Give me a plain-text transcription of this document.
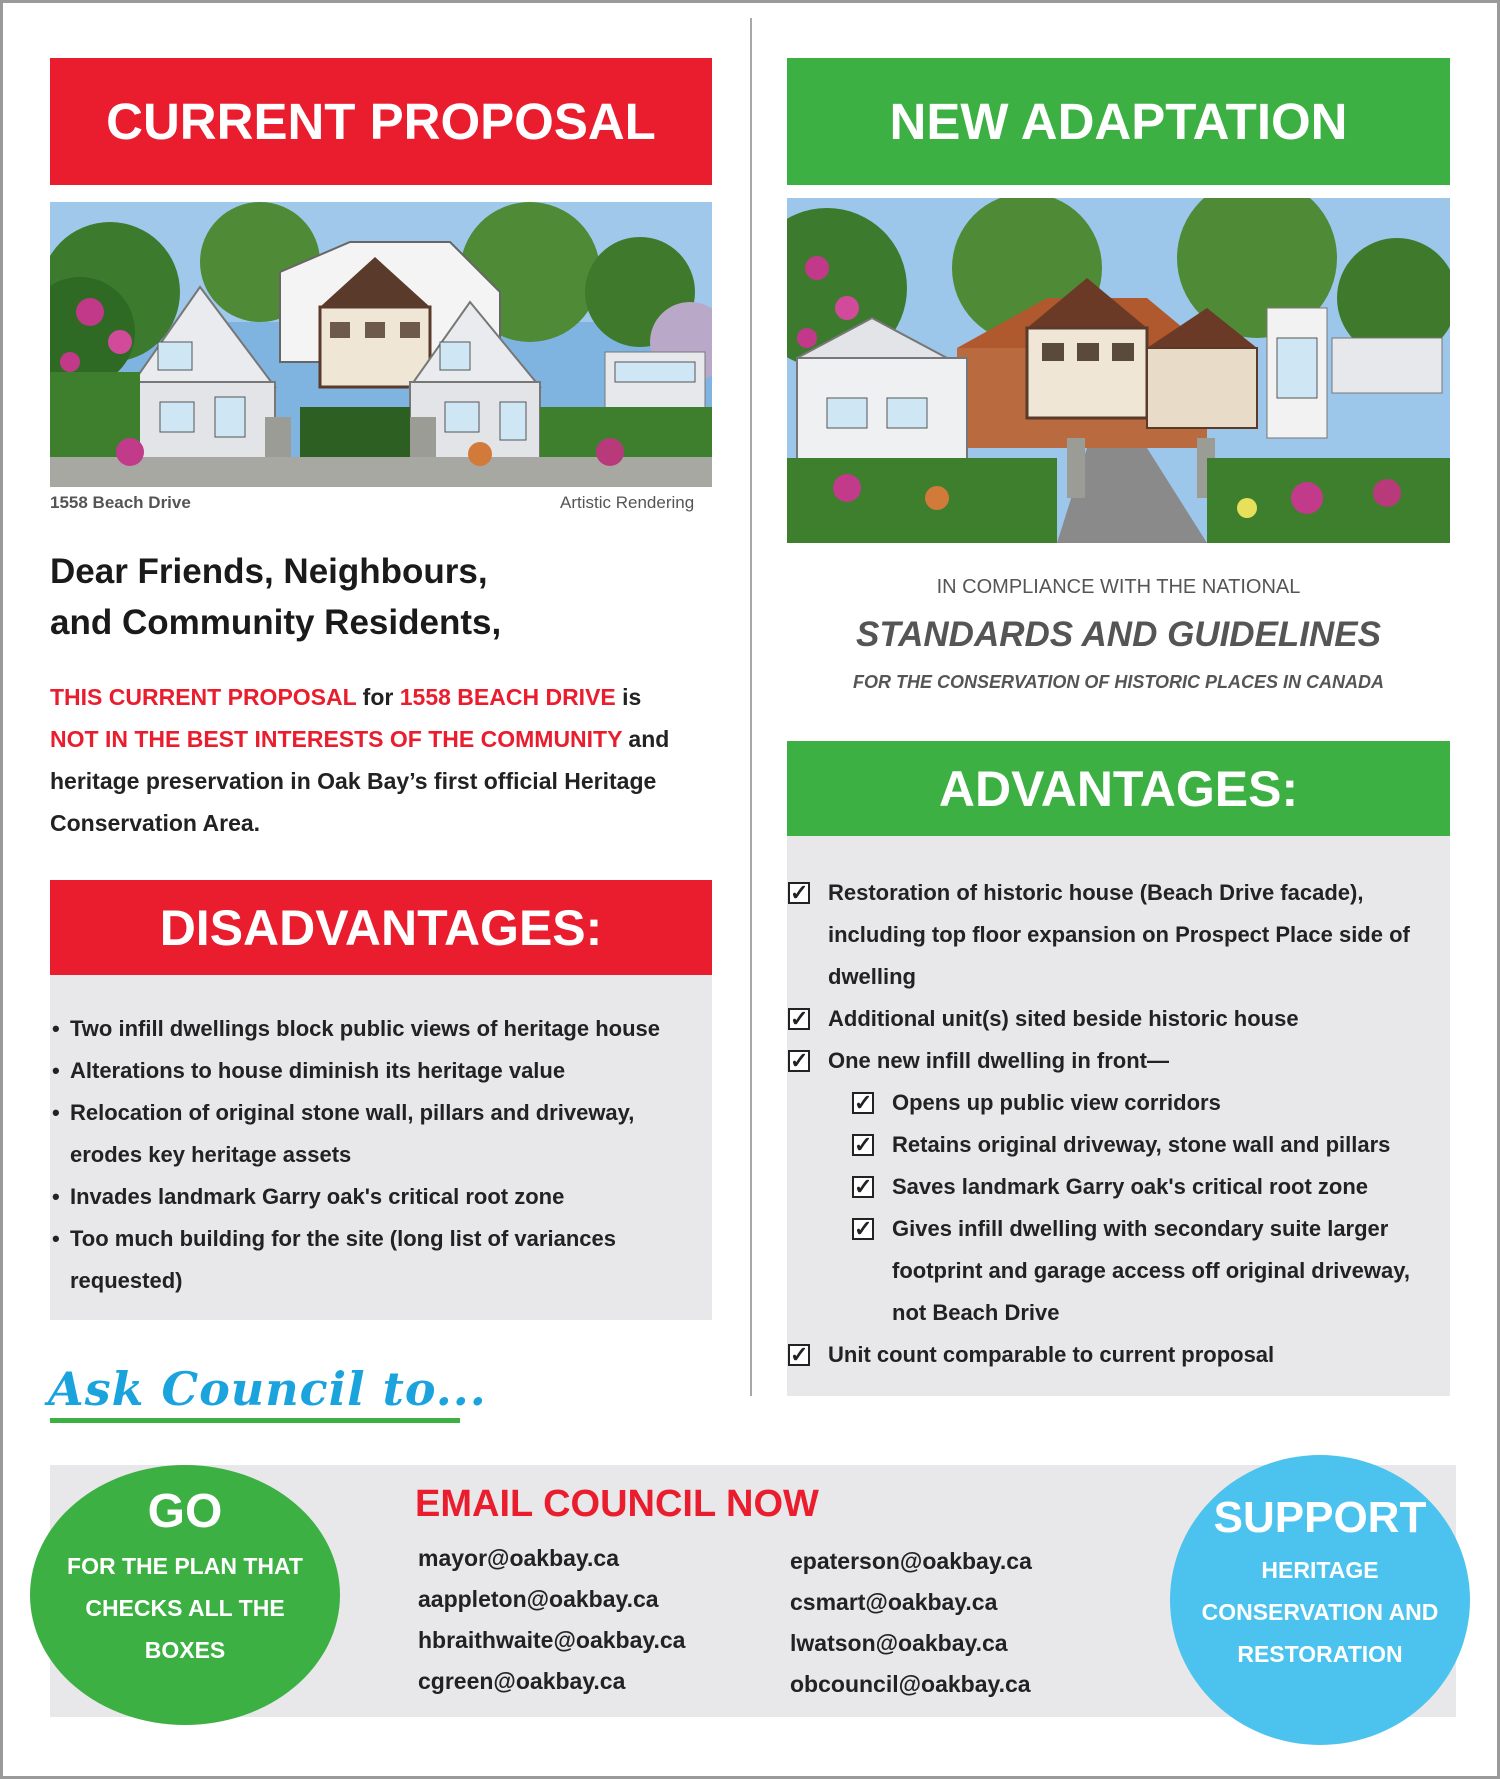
CURRENT PROPOSAL
1558 Beach Drive	Artistic Rendering
Dear Friends, Neighbours,
and Community Residents,
THIS CURRENT PROPOSAL for 1558 BEACH DRIVE is NOT IN THE BEST INTERESTS OF THE COMMUNITY and heritage preservation in Oak Bay’s first official Heritage Conservation Area.
DISADVANTAGES:
• Two infill dwellings block public views of heritage house
• Alterations to house diminish its heritage value
• Relocation of original stone wall, pillars and driveway, erodes key heritage assets
• Invades landmark Garry oak's critical root zone
• Too much building for the site (long list of variances requested)
NEW ADAPTATION
IN COMPLIANCE WITH THE NATIONAL
STANDARDS AND GUIDELINES
FOR THE CONSERVATION OF HISTORIC PLACES IN CANADA
ADVANTAGES:
✓ Restoration of historic house (Beach Drive facade), including top floor expansion on Prospect Place side of dwelling
✓ Additional unit(s) sited beside historic house
✓ One new infill dwelling in front—
✓ Opens up public view corridors
✓ Retains original driveway, stone wall and pillars
✓ Saves landmark Garry oak's critical root zone
✓ Gives infill dwelling with secondary suite larger footprint and garage access off original driveway, not Beach Drive
✓ Unit count comparable to current proposal
Ask Council to...
GO
FOR THE PLAN THAT CHECKS ALL THE BOXES
EMAIL COUNCIL NOW
mayor@oakbay.ca
aappleton@oakbay.ca
hbraithwaite@oakbay.ca
cgreen@oakbay.ca
epaterson@oakbay.ca
csmart@oakbay.ca
lwatson@oakbay.ca
obcouncil@oakbay.ca
SUPPORT
HERITAGE CONSERVATION AND RESTORATION
